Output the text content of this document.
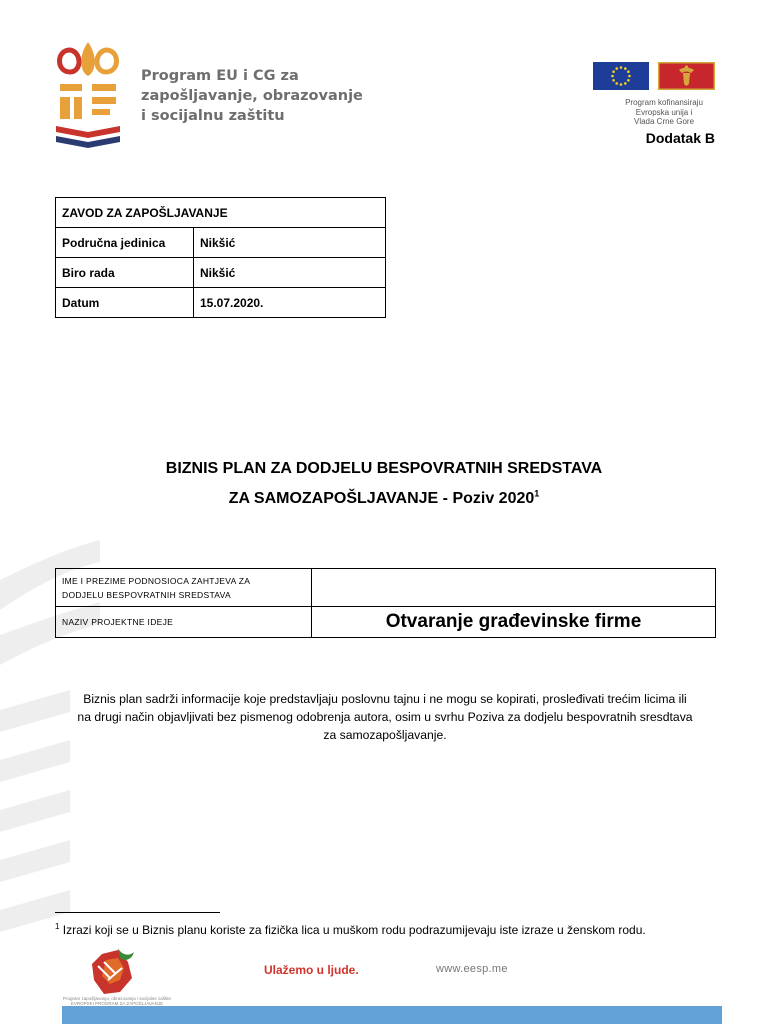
Program EU i CG za
zapošljavanje, obrazovanje
i socijalnu zaštitu
Program kofinansiraju
Evropska unija i
Vlada Crne Gore
Dodatak B
ZAVOD ZA ZAPOŠLJAVANJE	
Područna jedinica	Nikšić
Biro rada	Nikšić
Datum	15.07.2020.
BIZNIS PLAN ZA DODJELU BESPOVRATNIH SREDSTAVA
ZA SAMOZAPOŠLJAVANJE - Poziv 2020$^1$
IME I PREZIME PODNOSIOCA ZAHTJEVA ZA
DODJELU BESPOVRATNIH SREDSTAVA	

NAZIV PROJEKTNE IDEJE	Otvaranje građevinske firme
Biznis plan sadrži informacije koje predstavljaju poslovnu tajnu i ne mogu se kopirati, prosleđivati trećim licima ili
na drugi način objavljivati bez pismenog odobrenja autora, osim u svrhu Poziva za dodjelu bespovratnih sresdtava
za samozapošljavanje.
$^1$ Izrazi koji se u Biznis planu koriste za fizička lica u muškom rodu podrazumijevaju iste izraze u ženskom rodu.
Program zapošljavanja, obrazovanja i socijalne zaštite
EVROPSKI PROGRAM ZA ZAPOŠLJAVANJE
Ulažemo u ljude.	www.eesp.me
